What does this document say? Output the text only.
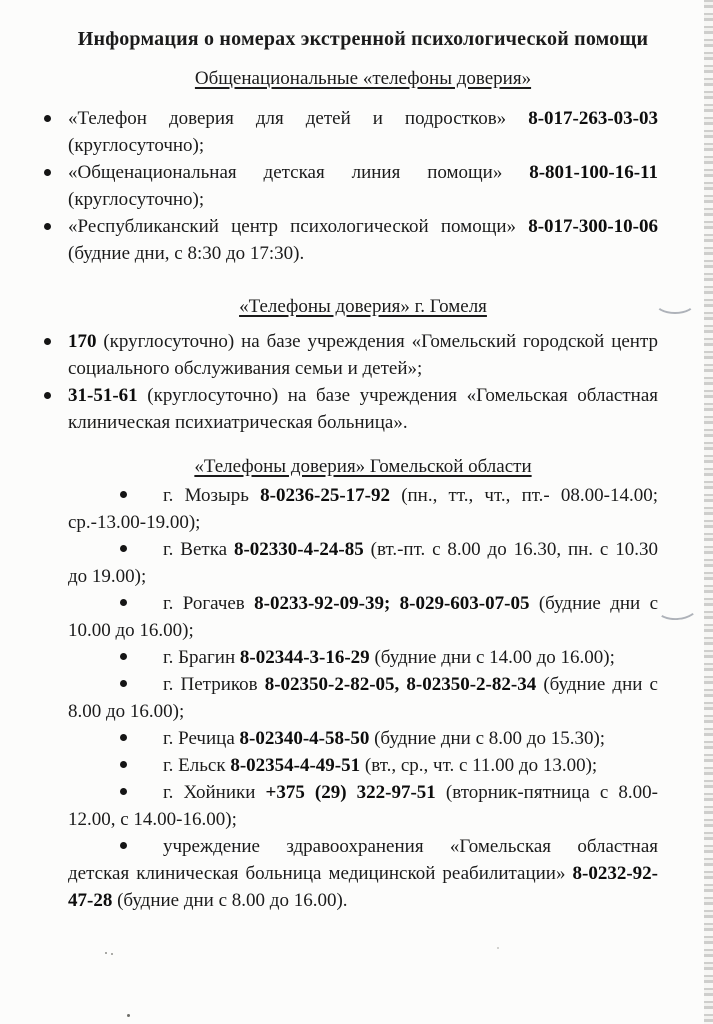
Информация о номерах экстренной психологической помощи
Общенациональные «телефоны доверия»
«Телефон доверия для детей и подростков» 8-017-263-03-03 (круглосуточно);
«Общенациональная детская линия помощи» 8-801-100-16-11 (круглосуточно);
«Республиканский центр психологической помощи» 8-017-300-10-06 (будние дни, с 8:30 до 17:30).
«Телефоны доверия» г. Гомеля
170 (круглосуточно) на базе учреждения «Гомельский городской центр социального обслуживания семьи и детей»;
31-51-61 (круглосуточно) на базе учреждения «Гомельская областная клиническая психиатрическая больница».
«Телефоны доверия» Гомельской области

г. Мозырь 8-0236-25-17-92 (пн., тт., чт., пт.- 08.00-14.00; ср.-13.00-19.00);

г. Ветка 8-02330-4-24-85 (вт.-пт. с 8.00 до 16.30, пн. с 10.30 до 19.00);

г. Рогачев 8-0233-92-09-39; 8-029-603-07-05 (будние дни с 10.00 до 16.00);

г. Брагин 8-02344-3-16-29 (будние дни с 14.00 до 16.00);

г. Петриков 8-02350-2-82-05, 8-02350-2-82-34 (будние дни с 8.00 до 16.00);

г. Речица 8-02340-4-58-50 (будние дни с 8.00 до 15.30);

г. Ельск 8-02354-4-49-51 (вт., ср., чт. с 11.00 до 13.00);

г. Хойники +375 (29) 322-97-51 (вторник-пятница с 8.00-12.00, с 14.00-16.00);

учреждение здравоохранения «Гомельская областная детская клиническая больница медицинской реабилитации» 8-0232-92-47-28 (будние дни с 8.00 до 16.00).
